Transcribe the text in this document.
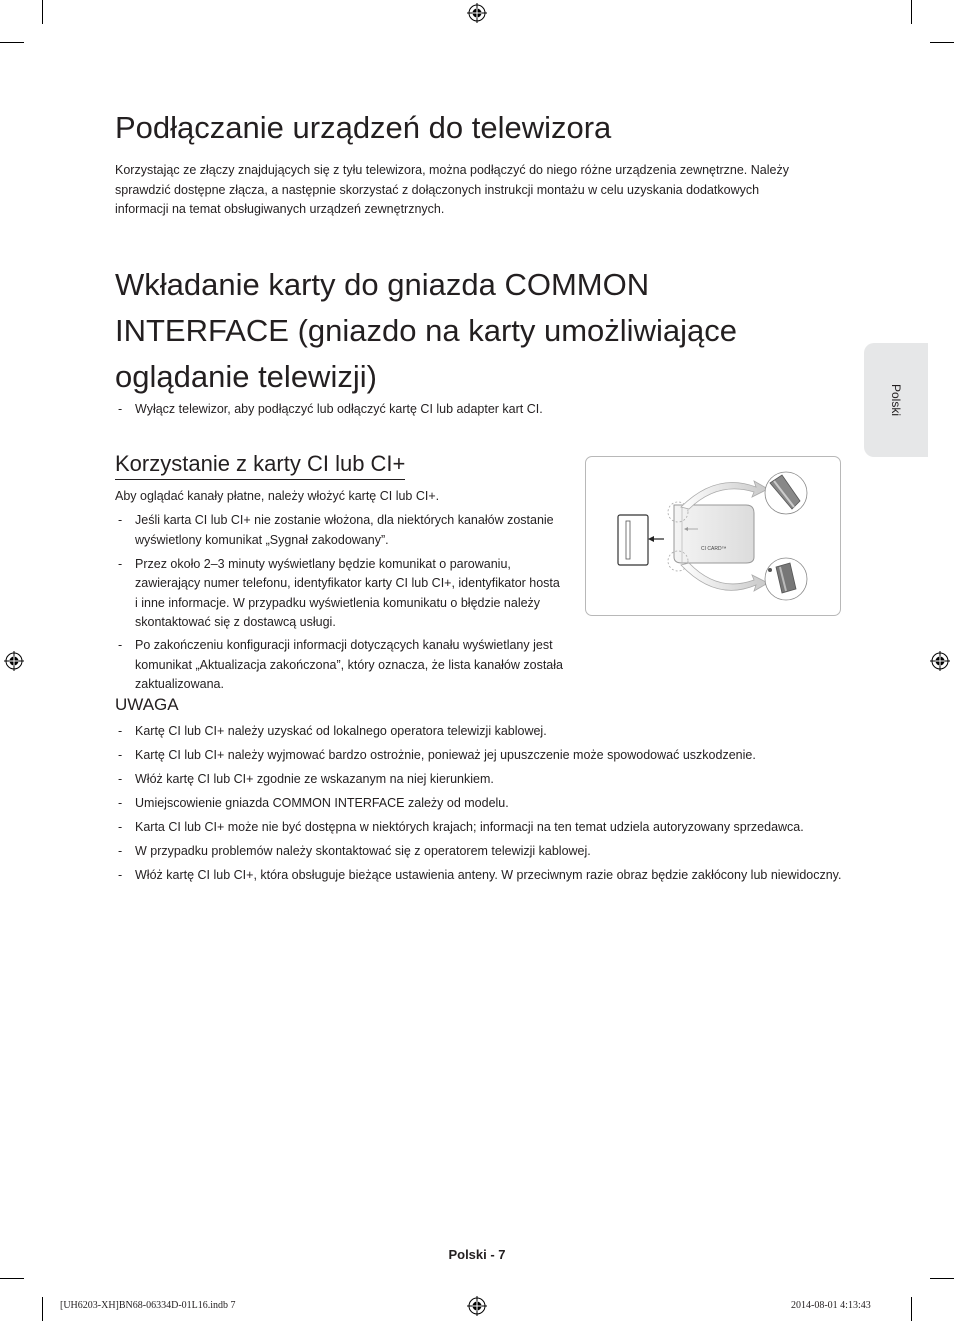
Polski
Podłączanie urządzeń do telewizora
Korzystając ze złączy znajdujących się z tyłu telewizora, można podłączyć do niego różne urządzenia zewnętrzne. Należy sprawdzić dostępne złącza, a następnie skorzystać z dołączonych instrukcji montażu w celu uzyskania dodatkowych informacji na temat obsługiwanych urządzeń zewnętrznych.
Wkładanie karty do gniazda COMMON INTERFACE (gniazdo na karty umożliwiające oglądanie telewizji)
- Wyłącz telewizor, aby podłączyć lub odłączyć kartę CI lub adapter kart CI.
Korzystanie z karty CI lub CI+
Aby oglądać kanały płatne, należy włożyć kartę CI lub CI+.
- Jeśli karta CI lub CI+ nie zostanie włożona, dla niektórych kanałów zostanie wyświetlony komunikat „Sygnał zakodowany”.
- Przez około 2–3 minuty wyświetlany będzie komunikat o parowaniu, zawierający numer telefonu, identyfikator karty CI lub CI+, identyfikator hosta i inne informacje. W przypadku wyświetlenia komunikatu o błędzie należy skontaktować się z dostawcą usługi.
- Po zakończeniu konfiguracji informacji dotyczących kanału wyświetlany jest komunikat „Aktualizacja zakończona”, który oznacza, że lista kanałów została zaktualizowana.
CI CARD™
UWAGA
- Kartę CI lub CI+ należy uzyskać od lokalnego operatora telewizji kablowej.
- Kartę CI lub CI+ należy wyjmować bardzo ostrożnie, ponieważ jej upuszczenie może spowodować uszkodzenie.
- Włóż kartę CI lub CI+ zgodnie ze wskazanym na niej kierunkiem.
- Umiejscowienie gniazda COMMON INTERFACE zależy od modelu.
- Karta CI lub CI+ może nie być dostępna w niektórych krajach; informacji na ten temat udziela autoryzowany sprzedawca.
- W przypadku problemów należy skontaktować się z operatorem telewizji kablowej.
- Włóż kartę CI lub CI+, która obsługuje bieżące ustawienia anteny. W przeciwnym razie obraz będzie zakłócony lub niewidoczny.
Polski - 7
[UH6203-XH]BN68-06334D-01L16.indb 7	2014-08-01 4:13:43
